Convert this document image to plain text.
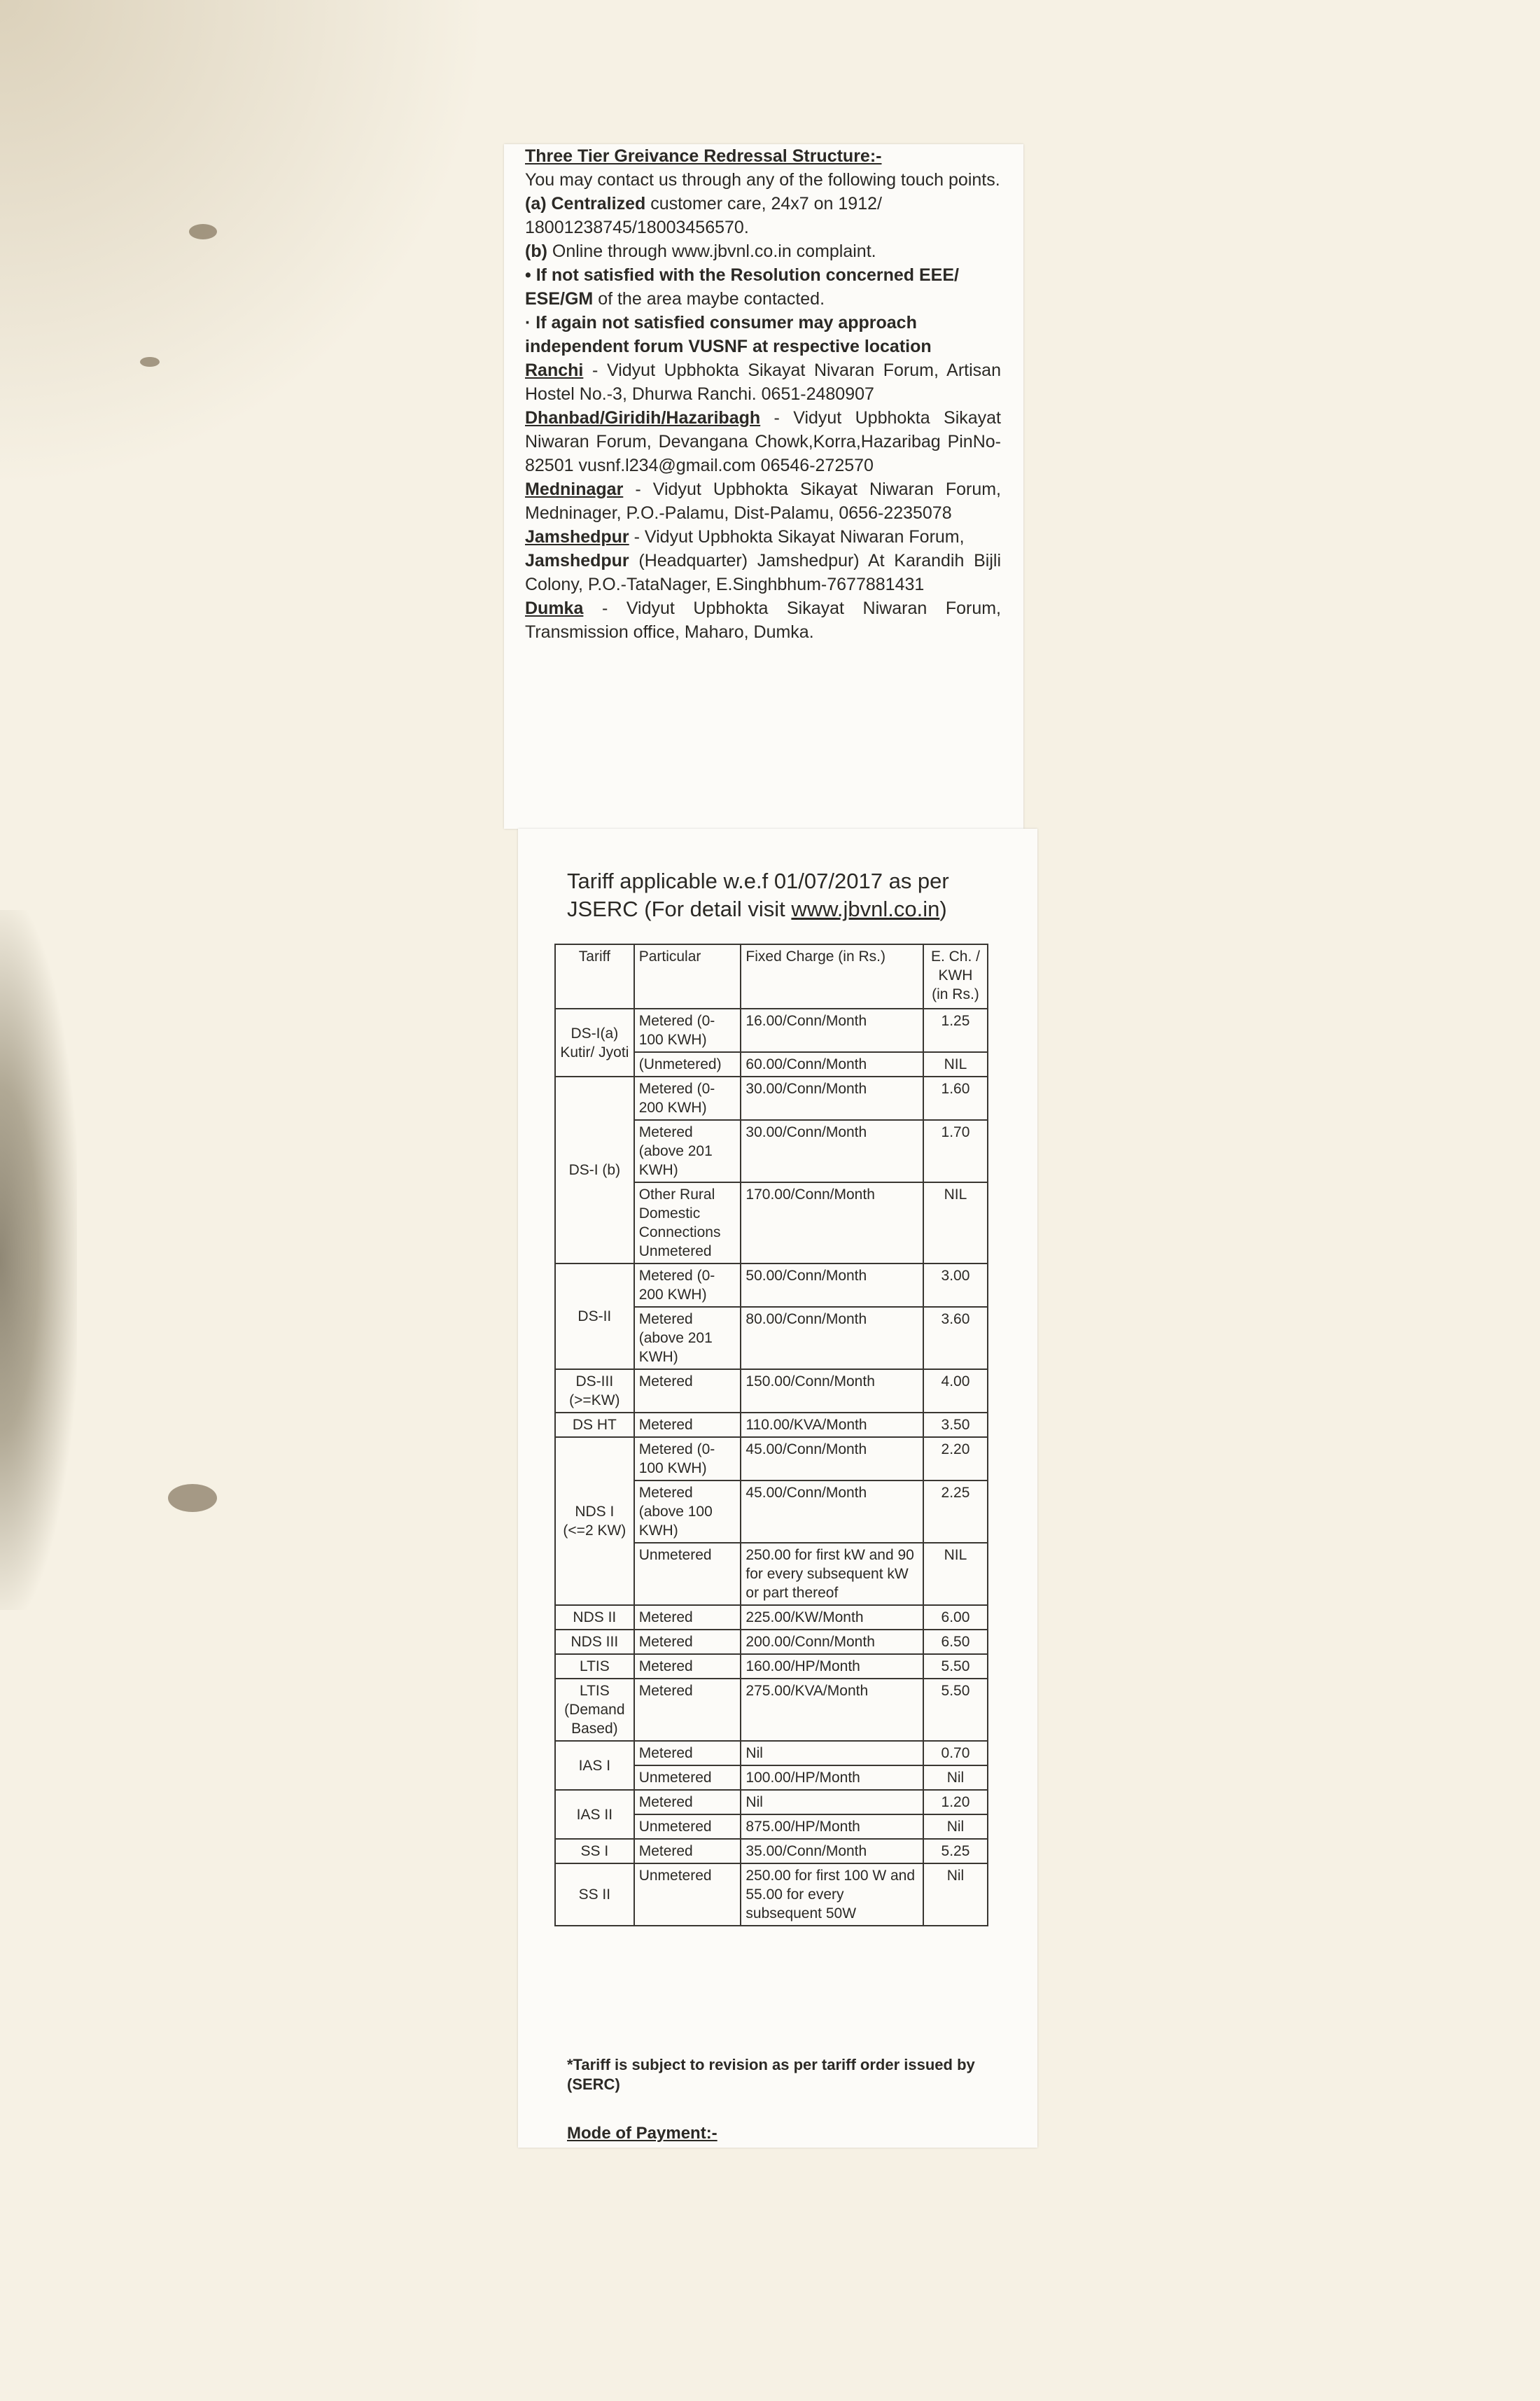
Three Tier Greivance Redressal Structure:-

You may contact us through any of the following touch points.

(a) Centralized customer care, 24x7 on 1912/ 18001238745/18003456570.

(b) Online through www.jbvnl.co.in complaint.

• If not satisfied with the Resolution concerned EEE/ ESE/GM of the area maybe contacted.

· If again not satisfied consumer may approach independent forum VUSNF at respective location

Ranchi - Vidyut Upbhokta Sikayat Nivaran Forum, Artisan Hostel No.-3, Dhurwa Ranchi. 0651-2480907

Dhanbad/Giridih/Hazaribagh - Vidyut Upbhokta Sikayat Niwaran Forum, Devangana Chowk,Korra,Hazaribag PinNo-82501 vusnf.l234@gmail.com 06546-272570

Medninagar - Vidyut Upbhokta Sikayat Niwaran Forum, Medninager, P.O.-Palamu, Dist-Palamu, 0656-2235078

Jamshedpur - Vidyut Upbhokta Sikayat Niwaran Forum,

Jamshedpur (Headquarter) Jamshedpur) At Karandih Bijli Colony, P.O.-TataNager, E.Singhbhum-7677881431

Dumka - Vidyut Upbhokta Sikayat Niwaran Forum, Transmission office, Maharo, Dumka.

Tariff applicable w.e.f 01/07/2017 as per
JSERC (For detail visit www.jbvnl.co.in)
Tariff	Particular	Fixed Charge (in Rs.)	E. Ch. / KWH (in Rs.)
DS-I(a) Kutir/ Jyoti	Metered (0-100 KWH)	16.00/Conn/Month	1.25
	(Unmetered)	60.00/Conn/Month	NIL
DS-I (b)	Metered (0-200 KWH)	30.00/Conn/Month	1.60
	Metered (above 201 KWH)	30.00/Conn/Month	1.70
	Other Rural Domestic Connections Unmetered	170.00/Conn/Month	NIL
DS-II	Metered (0-200 KWH)	50.00/Conn/Month	3.00
	Metered (above 201 KWH)	80.00/Conn/Month	3.60
DS-III (>=KW)	Metered	150.00/Conn/Month	4.00
DS HT	Metered	110.00/KVA/Month	3.50
NDS I (<=2 KW)	Metered (0-100 KWH)	45.00/Conn/Month	2.20
	Metered (above 100 KWH)	45.00/Conn/Month	2.25
	Unmetered	250.00 for first kW and 90 for every subsequent kW or part thereof	NIL
NDS II	Metered	225.00/KW/Month	6.00
NDS III	Metered	200.00/Conn/Month	6.50
LTIS	Metered	160.00/HP/Month	5.50
LTIS (Demand Based)	Metered	275.00/KVA/Month	5.50
IAS I	Metered	Nil	0.70
	Unmetered	100.00/HP/Month	Nil
IAS II	Metered	Nil	1.20
	Unmetered	875.00/HP/Month	Nil
SS I	Metered	35.00/Conn/Month	5.25
SS II	Unmetered	250.00 for first 100 W and 55.00 for every subsequent 50W	Nil
*Tariff is subject to revision as per tariff order issued by (SERC)
Mode of Payment:-
